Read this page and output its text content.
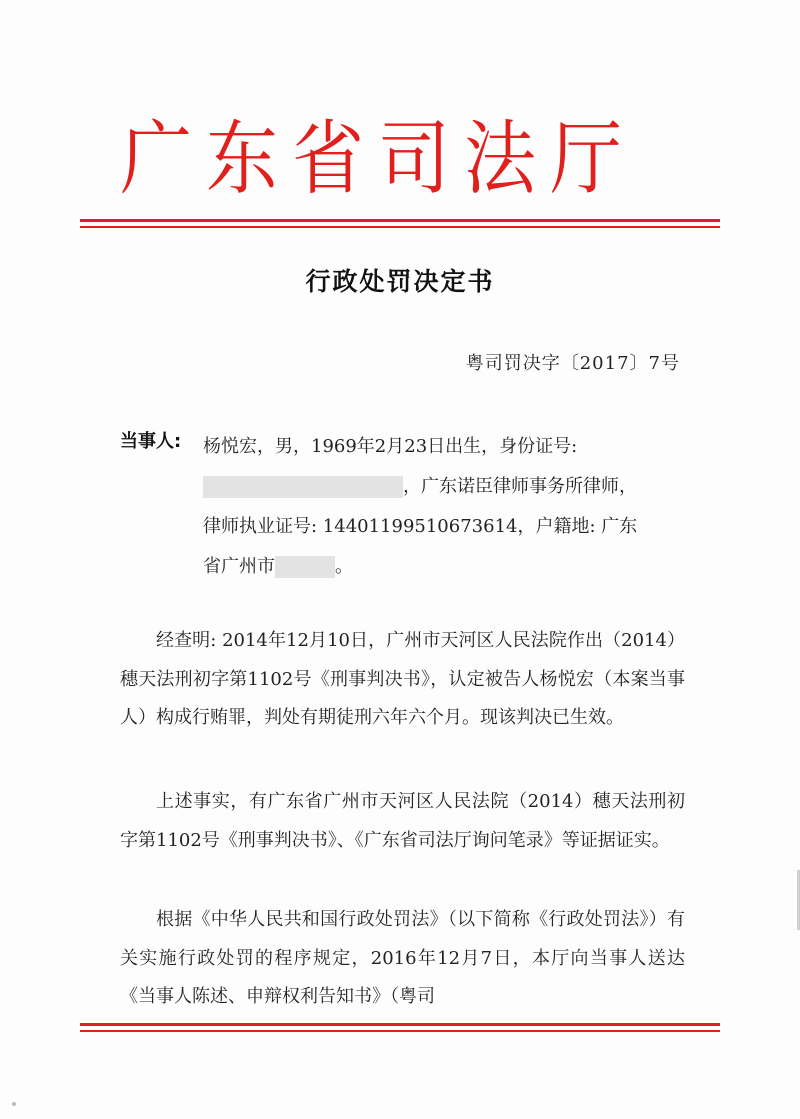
广东省司法厅
行政处罚决定书
粤司罚决字〔2017〕7号
当事人: 杨悦宏，男，1969年2月23日出生，身份证号:
，广东诺臣律师事务所律师，
律师执业证号: 14401199510673614，户籍地: 广东
省广州市	。
经查明: 2014年12月10日，广州市天河区人民法院作出（2014）穗天法刑初字第1102号《刑事判决书》，认定被告人杨悦宏（本案当事人）构成行贿罪，判处有期徒刑六年六个月。现该判决已生效。
上述事实，有广东省广州市天河区人民法院（2014）穗天法刑初字第1102号《刑事判决书》、《广东省司法厅询问笔录》等证据证实。
根据《中华人民共和国行政处罚法》（以下简称《行政处罚法》）有关实施行政处罚的程序规定，2016年12月7日，本厅向当事人送达《当事人陈述、申辩权利告知书》（粤司
